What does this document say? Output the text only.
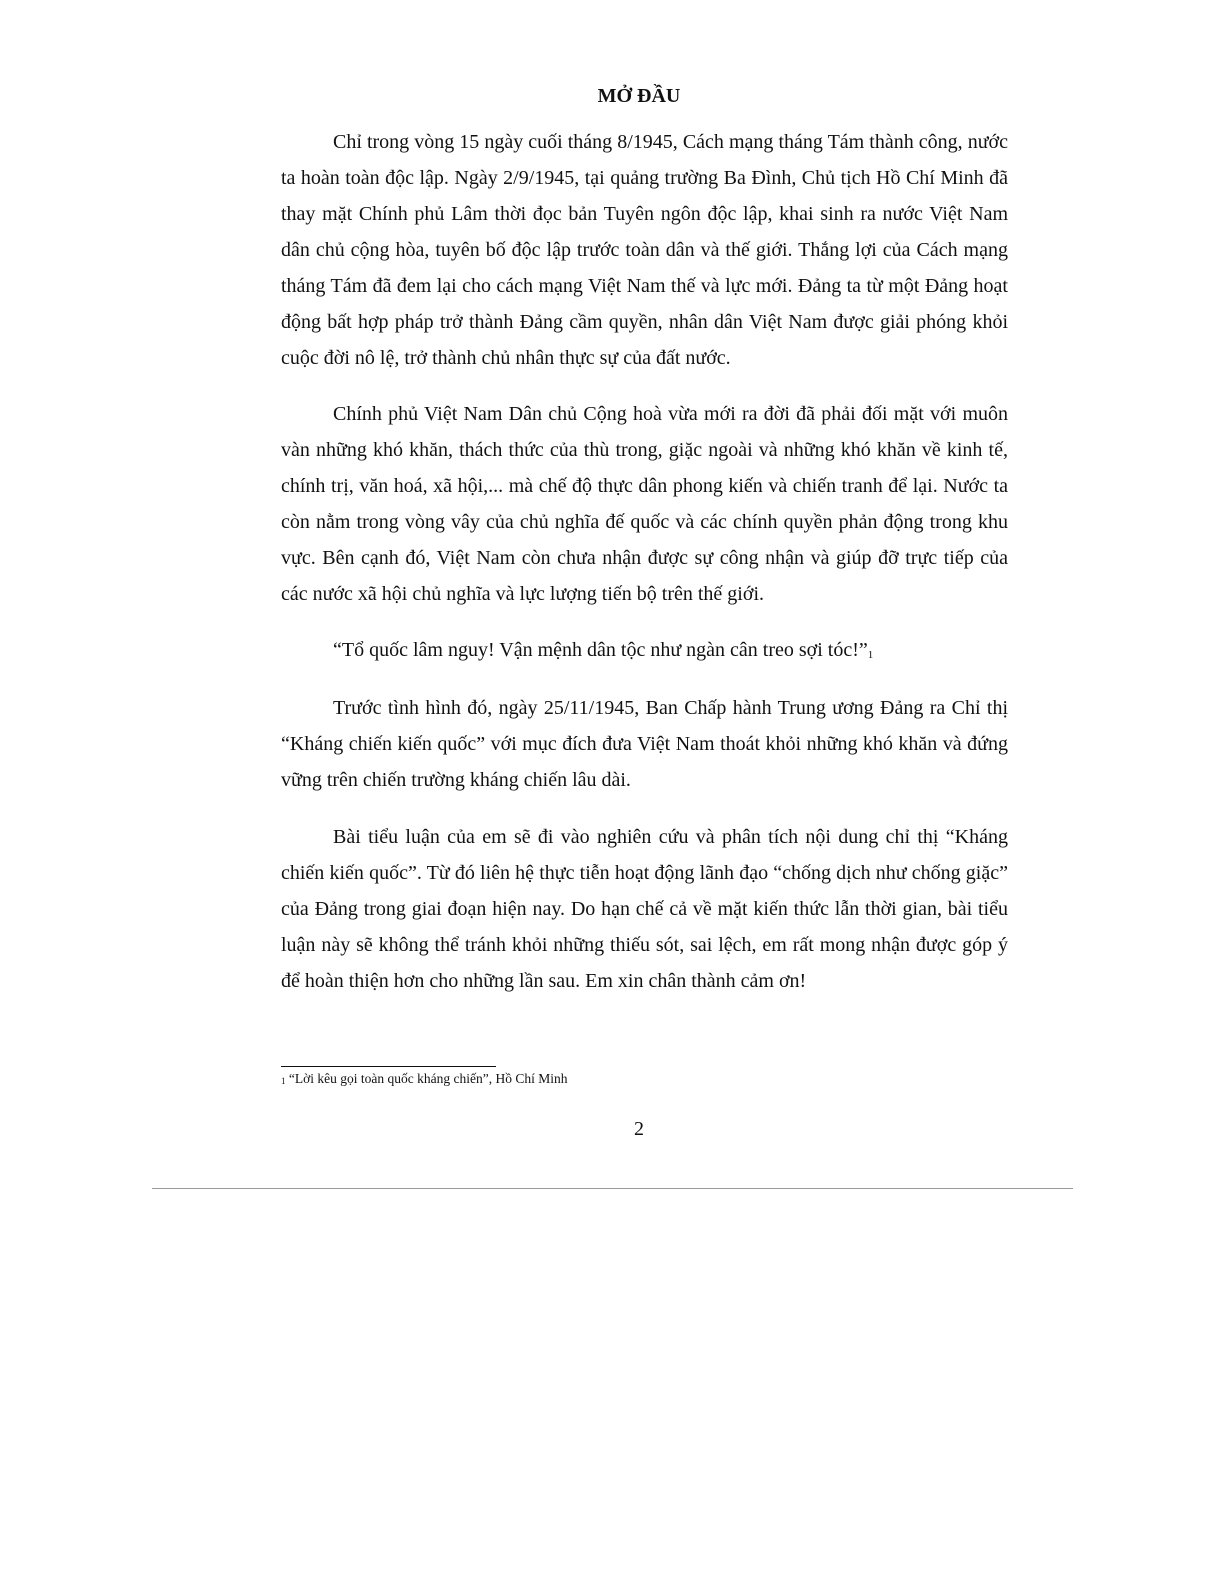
MỞ ĐẦU

Chỉ trong vòng 15 ngày cuối tháng 8/1945, Cách mạng tháng Tám thành công, nước ta hoàn toàn độc lập. Ngày 2/9/1945, tại quảng trường Ba Đình, Chủ tịch Hồ Chí Minh đã thay mặt Chính phủ Lâm thời đọc bản Tuyên ngôn độc lập, khai sinh ra nước Việt Nam dân chủ cộng hòa, tuyên bố độc lập trước toàn dân và thế giới. Thắng lợi của Cách mạng tháng Tám đã đem lại cho cách mạng Việt Nam thế và lực mới. Đảng ta từ một Đảng hoạt động bất hợp pháp trở thành Đảng cầm quyền, nhân dân Việt Nam được giải phóng khỏi cuộc đời nô lệ, trở thành chủ nhân thực sự của đất nước.

Chính phủ Việt Nam Dân chủ Cộng hoà vừa mới ra đời đã phải đối mặt với muôn vàn những khó khăn, thách thức của thù trong, giặc ngoài và những khó khăn về kinh tế, chính trị, văn hoá, xã hội,... mà chế độ thực dân phong kiến và chiến tranh để lại. Nước ta còn nằm trong vòng vây của chủ nghĩa đế quốc và các chính quyền phản động trong khu vực. Bên cạnh đó, Việt Nam còn chưa nhận được sự công nhận và giúp đỡ trực tiếp của các nước xã hội chủ nghĩa và lực lượng tiến bộ trên thế giới.

“Tổ quốc lâm nguy! Vận mệnh dân tộc như ngàn cân treo sợi tóc!”1

Trước tình hình đó, ngày 25/11/1945, Ban Chấp hành Trung ương Đảng ra Chỉ thị “Kháng chiến kiến quốc” với mục đích đưa Việt Nam thoát khỏi những khó khăn và đứng vững trên chiến trường kháng chiến lâu dài.

Bài tiểu luận của em sẽ đi vào nghiên cứu và phân tích nội dung chỉ thị “Kháng chiến kiến quốc”. Từ đó liên hệ thực tiễn hoạt động lãnh đạo “chống dịch như chống giặc” của Đảng trong giai đoạn hiện nay. Do hạn chế cả về mặt kiến thức lẫn thời gian, bài tiểu luận này sẽ không thể tránh khỏi những thiếu sót, sai lệch, em rất mong nhận được góp ý để hoàn thiện hơn cho những lần sau. Em xin chân thành cảm ơn!

1 “Lời kêu gọi toàn quốc kháng chiến”, Hồ Chí Minh

2
